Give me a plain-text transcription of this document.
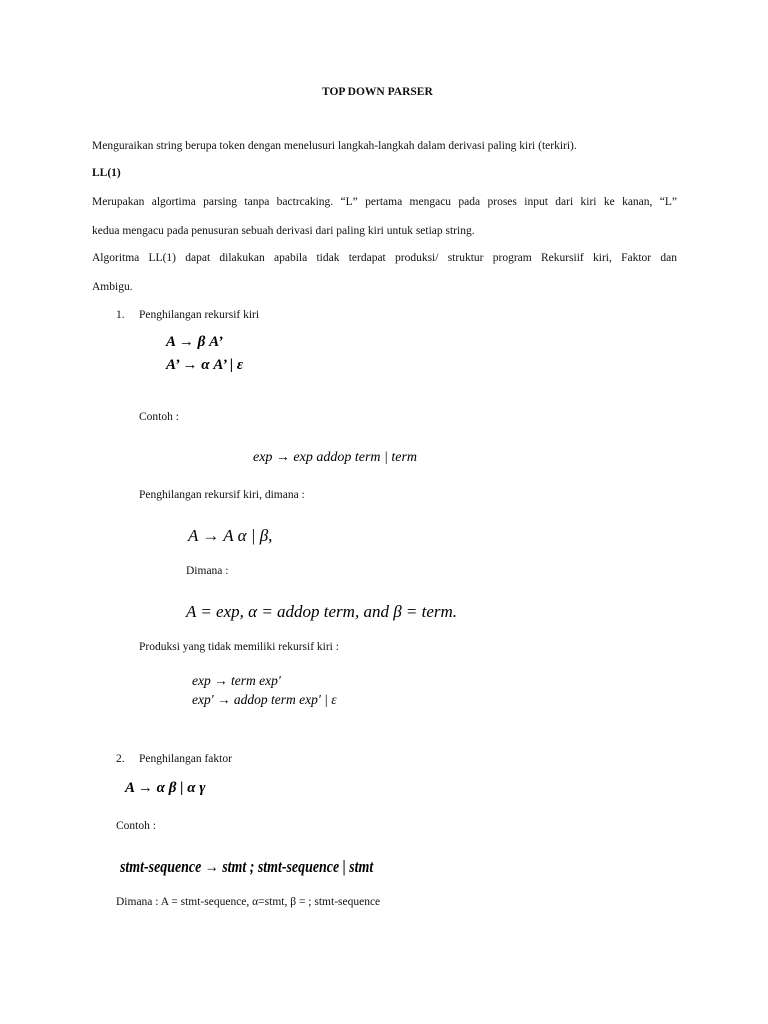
TOP DOWN PARSER
Menguraikan string berupa token dengan menelusuri langkah-langkah dalam derivasi paling kiri (terkiri).
LL(1)
Merupakan algortima parsing tanpa bactrcaking. “L” pertama mengacu pada proses input dari kiri ke kanan, “L”
kedua mengacu pada penusuran sebuah derivasi dari paling kiri untuk setiap string.
Algoritma LL(1) dapat dilakukan apabila tidak terdapat produksi/ struktur program Rekursiif kiri, Faktor dan
Ambigu.
1. Penghilangan rekursif kiri
A → β A’
A’ → α A’ | ε
Contoh :
exp → exp addop term | term
Penghilangan rekursif kiri, dimana :
A → A α | β,
Dimana :
A = exp, α = addop term, and β = term.
Produksi yang tidak memiliki rekursif kiri :
exp → term exp'
exp' → addop term exp' | ε
2. Penghilangan faktor
A → α β | α γ
Contoh :
stmt-sequence → stmt ; stmt-sequence | stmt
Dimana : A = stmt-sequence, α=stmt, β = ; stmt-sequence
